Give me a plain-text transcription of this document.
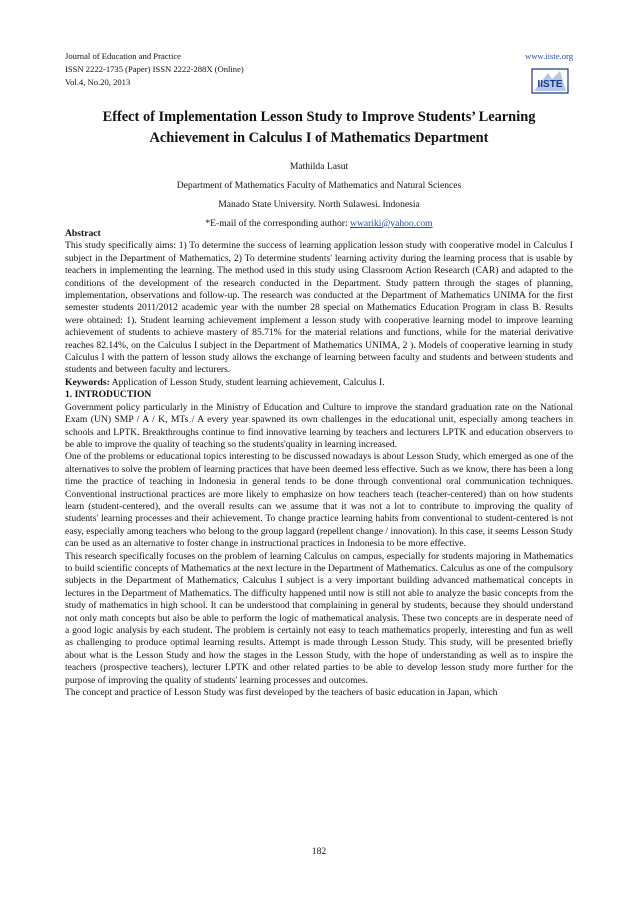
Journal of Education and Practice
ISSN 2222-1735 (Paper) ISSN 2222-288X (Online)
Vol.4, No.20, 2013
www.iiste.org
IISTE
Effect of Implementation Lesson Study to Improve Students’ Learning Achievement in Calculus I of Mathematics Department
Mathilda Lasut
Department of Mathematics Faculty of Mathematics and Natural Sciences
Manado State University. North Sulawesi. Indonesia
*E-mail of the corresponding author: wwariki@yahoo.com

Abstract

This study specifically aims: 1) To determine the success of learning application lesson study with cooperative model in Calculus I subject in the Department of Mathematics, 2) To determine students' learning activity during the learning process that is usable by teachers in implementing the learning. The method used in this study using Classroom Action Research (CAR) and adapted to the conditions of the development of the research conducted in the Department. Study pattern through the stages of planning, implementation, observations and follow-up. The research was conducted at the Department of Mathematics UNIMA for the first semester students 2011/2012 academic year with the number 28 special on Mathematics Education Program in class B. Results were obtained: 1). Student learning achievement implement a lesson study with cooperative learning model to improve learning achievement of students to achieve mastery of 85.71% for the material relations and functions, while for the material derivative reaches 82.14%, on the Calculus I subject in the Department of Mathematics UNIMA, 2 ). Models of cooperative learning in study Calculus I with the pattern of lesson study allows the exchange of learning between faculty and students and between students and students and between faculty and lecturers.

Keywords: Application of Lesson Study, student learning achievement, Calculus I.

1. INTRODUCTION

Government policy particularly in the Ministry of Education and Culture to improve the standard graduation rate on the National Exam (UN) SMP / A / K, MTs / A every year spawned its own challenges in the educational unit, especially among teachers in schools and LPTK. Breakthroughs continue to find innovative learning by teachers and lecturers LPTK and education observers to be able to improve the quality of teaching so the students'quality in learning increased.

One of the problems or educational topics interesting to be discussed nowadays is about Lesson Study, which emerged as one of the alternatives to solve the problem of learning practices that have been deemed less effective. Such as we know, there has been a long time the practice of teaching in Indonesia in general tends to be done through conventional oral communication techniques. Conventional instructional practices are more likely to emphasize on how teachers teach (teacher-centered) than on how students learn (student-centered), and the overall results can we assume that it was not a lot to contribute to improving the quality of students' learning processes and their achievement. To change practice learning habits from conventional to student-centered is not easy, especially among teachers who belong to the group laggard (repellent change / innovation). In this case, it seems Lesson Study can be used as an alternative to foster change in instructional practices in Indonesia to be more effective.

This research specifically focuses on the problem of learning Calculus on campus, especially for students majoring in Mathematics to build scientific concepts of Mathematics at the next lecture in the Department of Mathematics. Calculus as one of the compulsory subjects in the Department of Mathematics, Calculus I subject is a very important building advanced mathematical concepts in lectures in the Department of Mathematics. The difficulty happened until now is still not able to analyze the basic concepts from the study of mathematics in high school. It can be understood that complaining in general by students, because they should understand not only math concepts but also be able to perform the logic of mathematical analysis. These two concepts are in desperate need of a good logic analysis by each student. The problem is certainly not easy to teach mathematics properly, interesting and fun as well as challenging to produce optimal learning results. Attempt is made through Lesson Study. This study, will be presented briefly about what is the Lesson Study and how the stages in the Lesson Study, with the hope of understanding as well as to inspire the teachers (prospective teachers), lecturer LPTK and other related parties to be able to develop lesson study more further for the purpose of improving the quality of students' learning processes and outcomes.

The concept and practice of Lesson Study was first developed by the teachers of basic education in Japan, which

182
